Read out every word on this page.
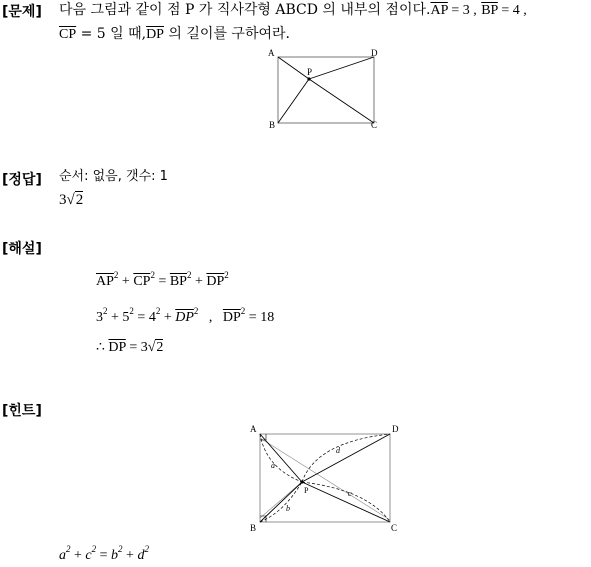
[문제] 다음 그림과 같이 점 P 가 직사각형 ABCD 의 내부의 점이다$.\overline{AP} = 3$ , $\overline{BP} = 4$ ,
$\overline{CP} = 5$ 일 때$,\overline{DP}$ 의 길이를 구하여라.
A
B	C
D
P
[정답] 순서: 없음, 갯수: 1
3√2
[해설]
$\overline{AP}^2 + \overline{CP}^2 = \overline{BP}^2 + \overline{DP}^2$
$3^2 + 5^2 = 4^2 + \overline{DP}^2$ , $\overline{DP}^2 = 18$
∴ $\overline{DP} = 3√2$
[힌트]
A
B	C
D
P
a
b
c
d
$a^2 + c^2 = b^2 + d^2$
